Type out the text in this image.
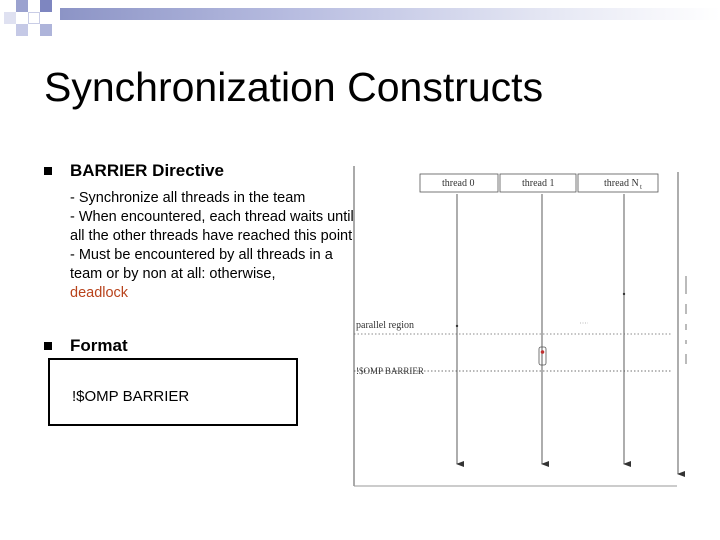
Synchronization Constructs
BARRIER Directive

- Synchronize all threads in the team

- When encountered, each thread waits until all the other threads have reached this point

- Must be encountered by all threads in a team or by non at all: otherwise,

deadlock

Format
!$OMP BARRIER
thread 0	thread 1	thread N t
parallel region
!$OMP BARRIER
